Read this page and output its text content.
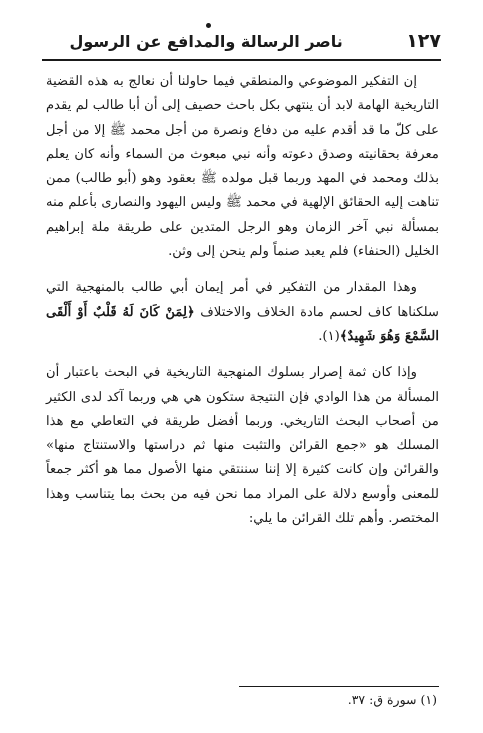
١٢٧
ناصر الرسالة والمدافع عن الرسول

إن التفكير الموضوعي والمنطقي فيما حاولنا أن نعالج به هذه القضية التاريخية الهامة لابد أن ينتهي بكل باحث حصيف إلى أن أبا طالب لم يقدم على كلّ ما قد أقدم عليه من دفاع ونصرة من أجل محمد ﷺ إلا من أجل معرفة بحقانيته وصدق دعوته وأنه نبي مبعوث من السماء وأنه كان يعلم بذلك ومحمد في المهد وربما قبل مولده ﷺ بعقود وهو (أبو طالب) ممن تناهت إليه الحقائق الإلهية في محمد ﷺ وليس اليهود والنصارى بأعلم منه بمسألة نبي آخر الزمان وهو الرجل المتدين على طريقة ملة إبراهيم الخليل (الحنفاء) فلم يعبد صنماً ولم ينحن إلى وثن.

وهذا المقدار من التفكير في أمر إيمان أبي طالب بالمنهجية التي سلكناها كاف لحسم مادة الخلاف والاختلاف ﴿لِمَنْ كَانَ لَهُ قَلْبٌ أَوْ أَلْقَى السَّمْعَ وَهُوَ شَهِيدٌ﴾(١).

وإذا كان ثمة إصرار بسلوك المنهجية التاريخية في البحث باعتبار أن المسألة من هذا الوادي فإن النتيجة ستكون هي هي وربما آكد لدى الكثير من أصحاب البحث التاريخي. وربما أفضل طريقة في التعاطي مع هذا المسلك هو «جمع القرائن والتثبت منها ثم دراستها والاستنتاج منها» والقرائن وإن كانت كثيرة إلا إننا سننتقي منها الأصول مما هو أكثر جمعاً للمعنى وأوسع دلالة على المراد مما نحن فيه من بحث بما يتناسب وهذا المختصر. وأهم تلك القرائن ما يلي:

(١) سورة ق: ٣٧.
